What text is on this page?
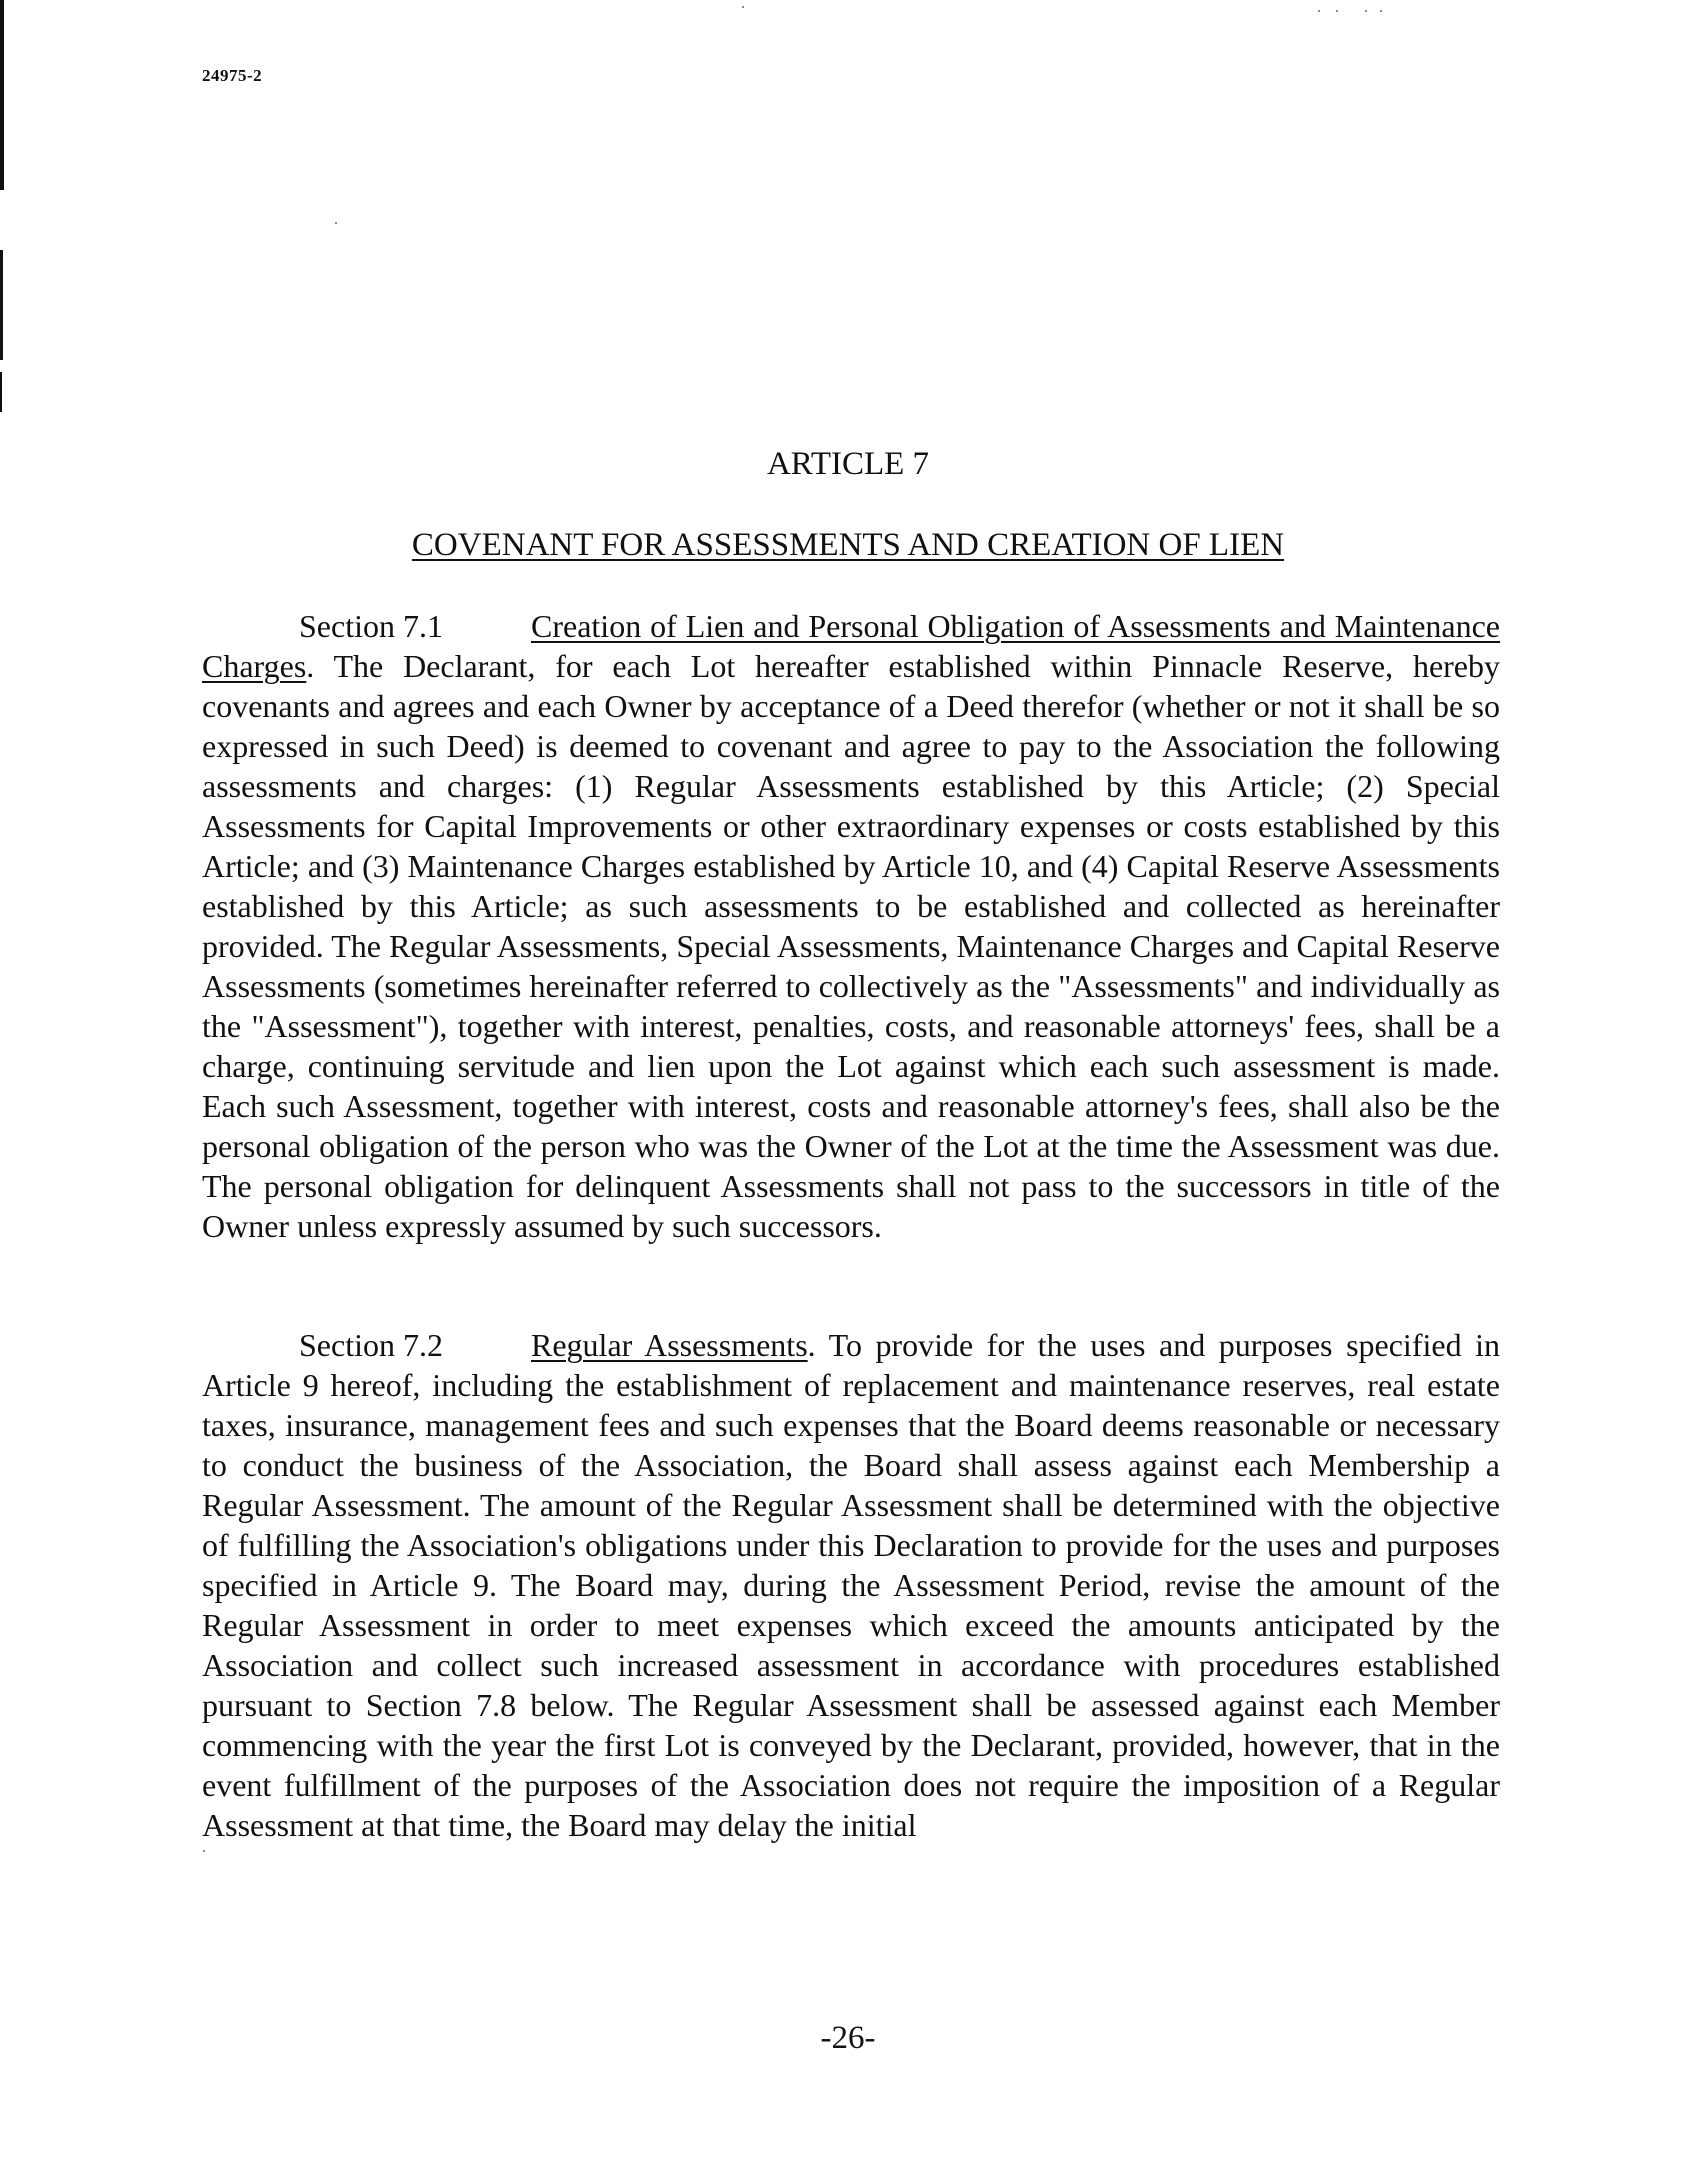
24975-2
ARTICLE 7
COVENANT FOR ASSESSMENTS AND CREATION OF LIEN
Section 7.1	Creation of Lien and Personal Obligation of Assessments and Maintenance Charges. The Declarant, for each Lot hereafter established within Pinnacle Reserve, hereby covenants and agrees and each Owner by acceptance of a Deed therefor (whether or not it shall be so expressed in such Deed) is deemed to covenant and agree to pay to the Association the following assessments and charges: (1) Regular Assessments established by this Article; (2) Special Assessments for Capital Improvements or other extraordinary expenses or costs established by this Article; and (3) Maintenance Charges established by Article 10, and (4) Capital Reserve Assessments established by this Article; as such assessments to be established and collected as hereinafter provided. The Regular Assessments, Special Assessments, Maintenance Charges and Capital Reserve Assessments (sometimes hereinafter referred to collectively as the "Assessments" and individually as the "Assessment"), together with interest, penalties, costs, and reasonable attorneys' fees, shall be a charge, continuing servitude and lien upon the Lot against which each such assessment is made. Each such Assessment, together with interest, costs and reasonable attorney's fees, shall also be the personal obligation of the person who was the Owner of the Lot at the time the Assessment was due. The personal obligation for delinquent Assessments shall not pass to the successors in title of the Owner unless expressly assumed by such successors.
Section 7.2	Regular Assessments. To provide for the uses and purposes specified in Article 9 hereof, including the establishment of replacement and maintenance reserves, real estate taxes, insurance, management fees and such expenses that the Board deems reasonable or necessary to conduct the business of the Association, the Board shall assess against each Membership a Regular Assessment. The amount of the Regular Assessment shall be determined with the objective of fulfilling the Association's obligations under this Declaration to provide for the uses and purposes specified in Article 9. The Board may, during the Assessment Period, revise the amount of the Regular Assessment in order to meet expenses which exceed the amounts anticipated by the Association and collect such increased assessment in accordance with procedures established pursuant to Section 7.8 below. The Regular Assessment shall be assessed against each Member commencing with the year the first Lot is conveyed by the Declarant, provided, however, that in the event fulfillment of the purposes of the Association does not require the imposition of a Regular Assessment at that time, the Board may delay the initial
-26-
